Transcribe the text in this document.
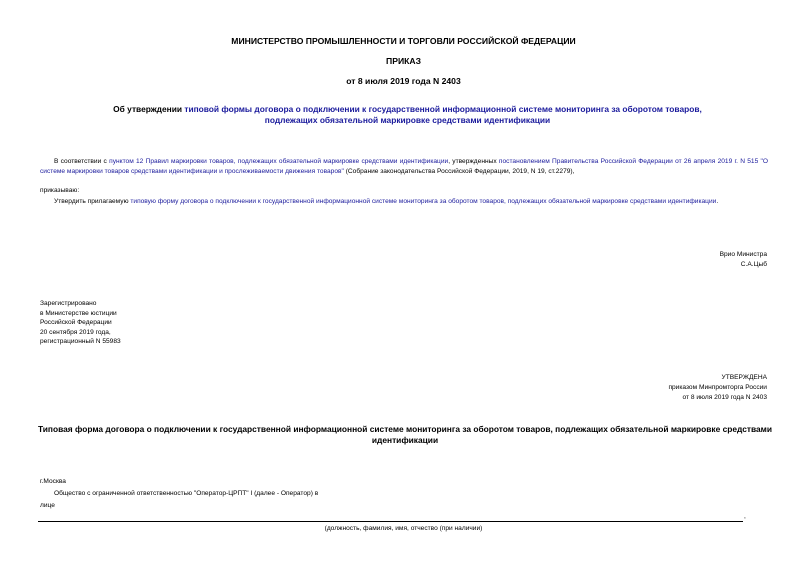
МИНИСТЕРСТВО ПРОМЫШЛЕННОСТИ И ТОРГОВЛИ РОССИЙСКОЙ ФЕДЕРАЦИИ
ПРИКАЗ
от 8 июля 2019 года N 2403
Об утверждении типовой формы договора о подключении к государственной информационной системе мониторинга за оборотом товаров, подлежащих обязательной маркировке средствами идентификации
В соответствии с пунктом 12 Правил маркировки товаров, подлежащих обязательной маркировке средствами идентификации, утвержденных постановлением Правительства Российской Федерации от 26 апреля 2019 г. N 515 "О системе маркировки товаров средствами идентификации и прослеживаемости движения товаров" (Собрание законодательства Российской Федерации, 2019, N 19, ст.2279),
приказываю:
Утвердить прилагаемую типовую форму договора о подключении к государственной информационной системе мониторинга за оборотом товаров, подлежащих обязательной маркировке средствами идентификации.
Врио Министра
С.А.Цыб
Зарегистрировано
в Министерстве юстиции
Российской Федерации
20 сентября 2019 года,
регистрационный N 55983
УТВЕРЖДЕНА
приказом Минпромторга России
от 8 июля 2019 года N 2403
Типовая форма договора о подключении к государственной информационной системе мониторинга за оборотом товаров, подлежащих обязательной маркировке средствами идентификации
г.Москва
Общество с ограниченной ответственностью "Оператор-ЦРПТ" I (далее - Оператор) в
лице
,
(должность, фамилия, имя, отчество (при наличии)
